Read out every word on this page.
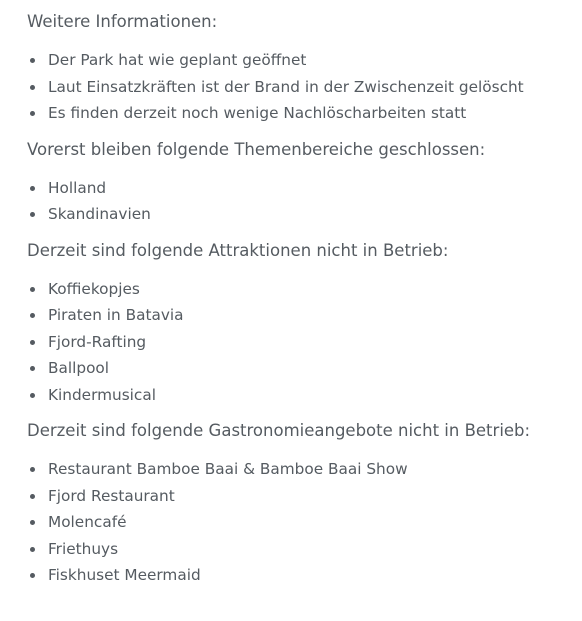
Weitere Informationen:

Der Park hat wie geplant geöffnet
Laut Einsatzkräften ist der Brand in der Zwischenzeit gelöscht
Es finden derzeit noch wenige Nachlöscharbeiten statt

Vorerst bleiben folgende Themenbereiche geschlossen:

Holland
Skandinavien

Derzeit sind folgende Attraktionen nicht in Betrieb:

Koffiekopjes
Piraten in Batavia
Fjord-Rafting
Ballpool
Kindermusical

Derzeit sind folgende Gastronomieangebote nicht in Betrieb:

Restaurant Bamboe Baai & Bamboe Baai Show
Fjord Restaurant
Molencafé
Friethuys
Fiskhuset Meermaid
